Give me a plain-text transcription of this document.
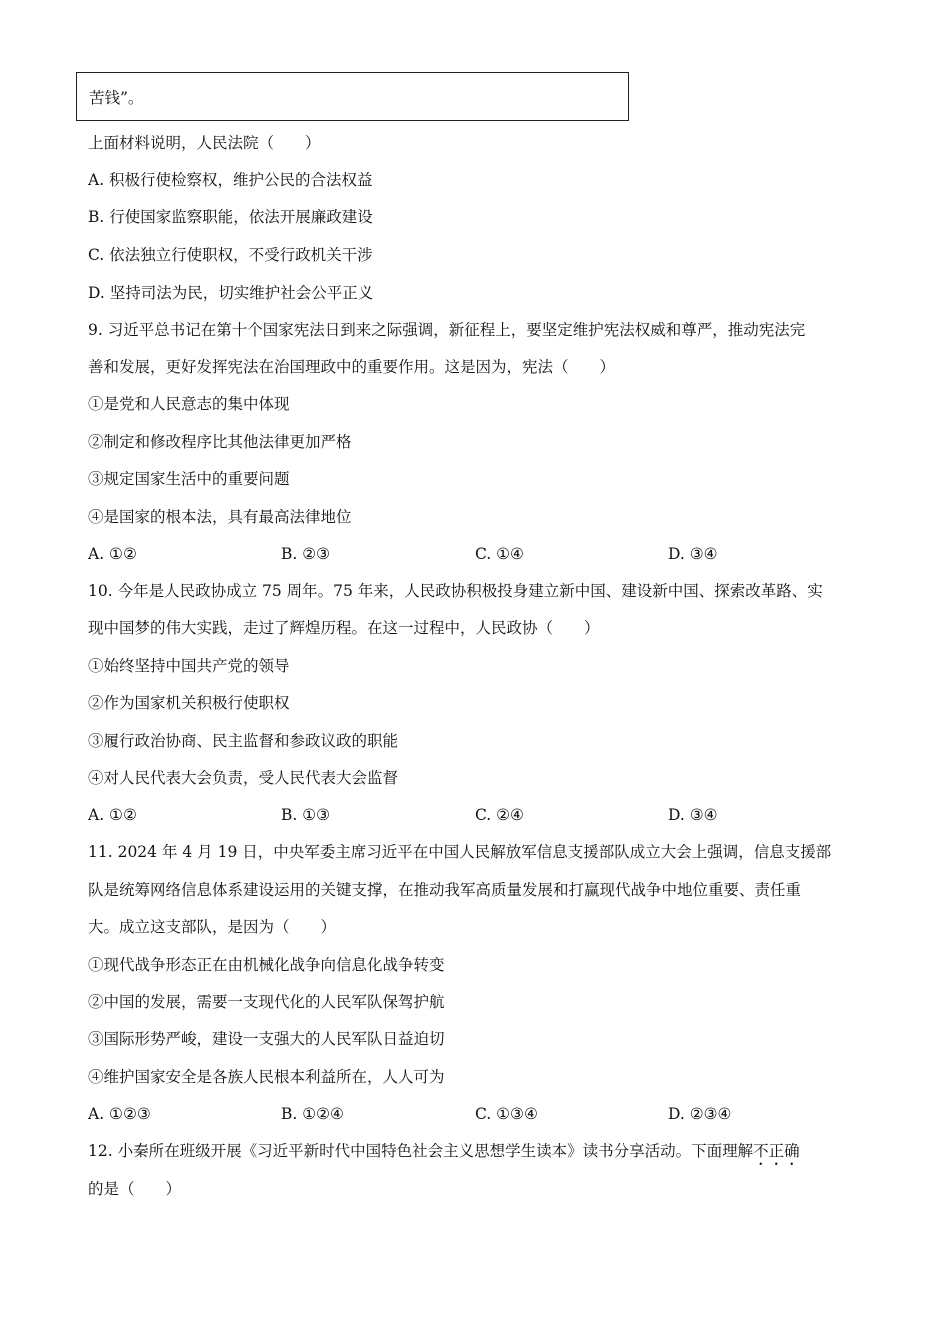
苦钱”。
上面材料说明，人民法院（　　）
A. 积极行使检察权，维护公民的合法权益
B. 行使国家监察职能，依法开展廉政建设
C. 依法独立行使职权，不受行政机关干涉
D. 坚持司法为民，切实维护社会公平正义
9. 习近平总书记在第十个国家宪法日到来之际强调，新征程上，要坚定维护宪法权威和尊严，推动宪法完
善和发展，更好发挥宪法在治国理政中的重要作用。这是因为，宪法（　　）
①是党和人民意志的集中体现
②制定和修改程序比其他法律更加严格
③规定国家生活中的重要问题
④是国家的根本法，具有最高法律地位
A. ①②	B. ②③	C. ①④	D. ③④
10. 今年是人民政协成立 75 周年。75 年来，人民政协积极投身建立新中国、建设新中国、探索改革路、实
现中国梦的伟大实践，走过了辉煌历程。在这一过程中，人民政协（　　）
①始终坚持中国共产党的领导
②作为国家机关积极行使职权
③履行政治协商、民主监督和参政议政的职能
④对人民代表大会负责，受人民代表大会监督
A. ①②	B. ①③	C. ②④	D. ③④
11. 2024 年 4 月 19 日，中央军委主席习近平在中国人民解放军信息支援部队成立大会上强调，信息支援部
队是统筹网络信息体系建设运用的关键支撑，在推动我军高质量发展和打赢现代战争中地位重要、责任重
大。成立这支部队，是因为（　　）
①现代战争形态正在由机械化战争向信息化战争转变
②中国的发展，需要一支现代化的人民军队保驾护航
③国际形势严峻，建设一支强大的人民军队日益迫切
④维护国家安全是各族人民根本利益所在，人人可为
A. ①②③	B. ①②④	C. ①③④	D. ②③④
12. 小秦所在班级开展《习近平新时代中国特色社会主义思想学生读本》读书分享活动。下面理解不正确
的是（　　）
